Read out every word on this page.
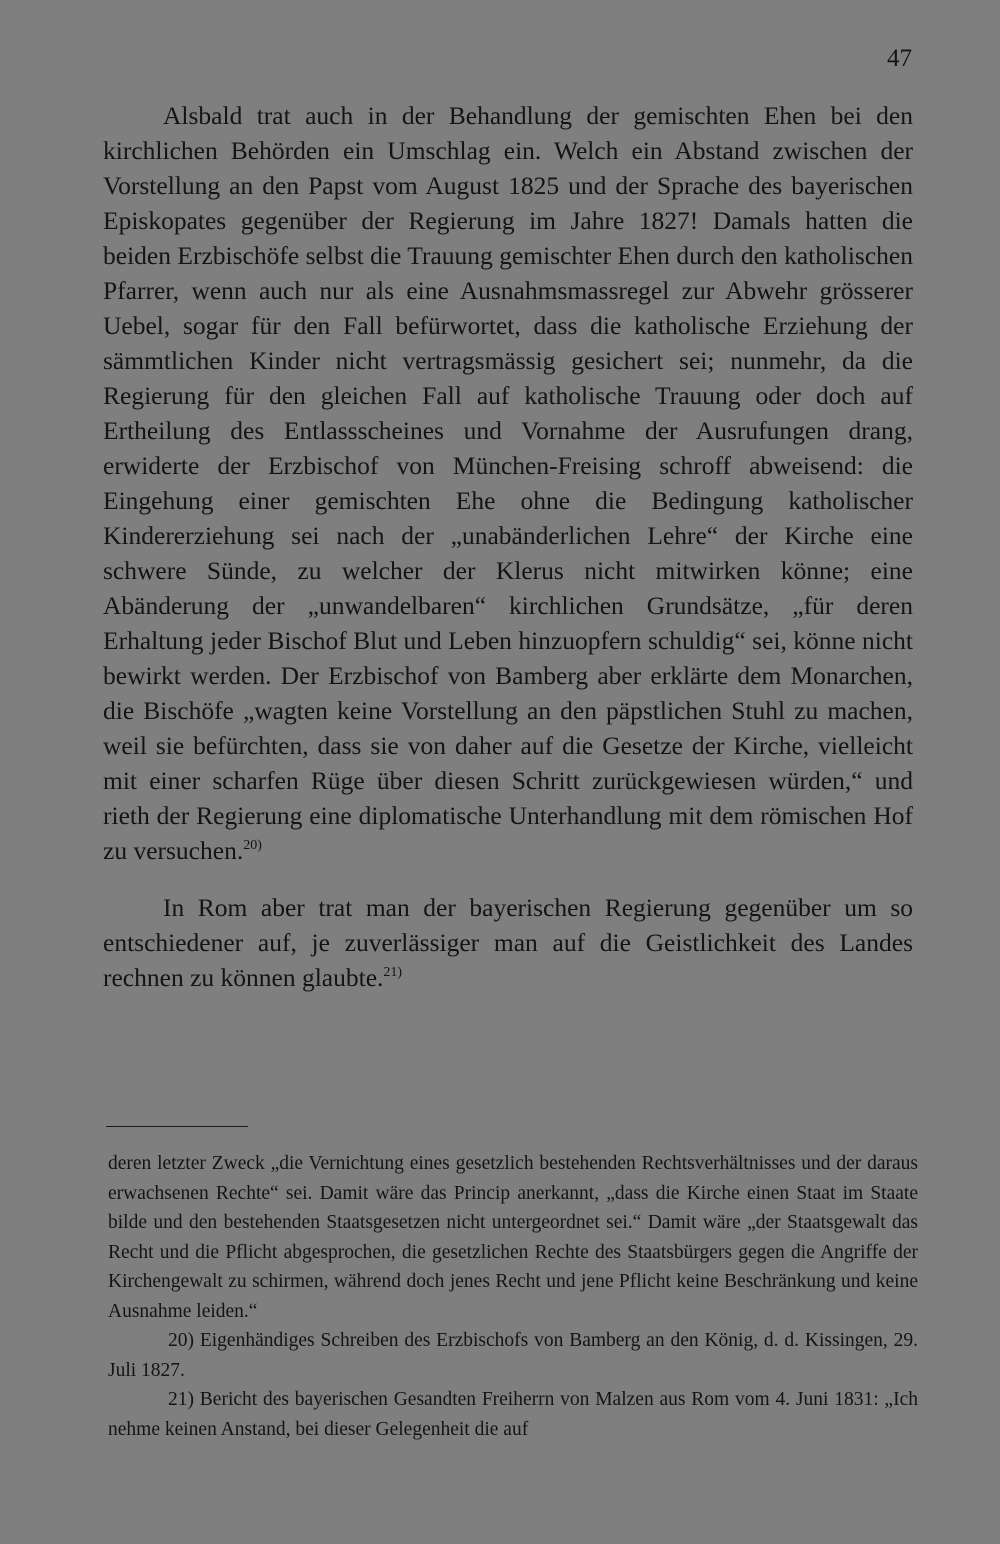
47

Alsbald trat auch in der Behandlung der gemischten Ehen bei den kirchlichen Behörden ein Umschlag ein. Welch ein Abstand zwischen der Vorstellung an den Papst vom August 1825 und der Sprache des bayerischen Episkopates gegenüber der Regierung im Jahre 1827! Damals hatten die beiden Erzbischöfe selbst die Trauung gemischter Ehen durch den katholischen Pfarrer, wenn auch nur als eine Ausnahmsmassregel zur Abwehr grösserer Uebel, sogar für den Fall befürwortet, dass die katholische Erziehung der sämmtlichen Kinder nicht vertragsmässig gesichert sei; nunmehr, da die Regierung für den gleichen Fall auf katholische Trauung oder doch auf Ertheilung des Entlassscheines und Vornahme der Ausrufungen drang, erwiderte der Erzbischof von München-Freising schroff abweisend: die Eingehung einer gemischten Ehe ohne die Bedingung katholischer Kindererziehung sei nach der „unabänderlichen Lehre“ der Kirche eine schwere Sünde, zu welcher der Klerus nicht mitwirken könne; eine Abänderung der „unwandelbaren“ kirchlichen Grundsätze, „für deren Erhaltung jeder Bischof Blut und Leben hinzuopfern schuldig“ sei, könne nicht bewirkt werden. Der Erzbischof von Bamberg aber erklärte dem Monarchen, die Bischöfe „wagten keine Vorstellung an den päpstlichen Stuhl zu machen, weil sie befürchten, dass sie von daher auf die Gesetze der Kirche, vielleicht mit einer scharfen Rüge über diesen Schritt zurückgewiesen würden,“ und rieth der Regierung eine diplomatische Unterhandlung mit dem römischen Hof zu versuchen.$^{20)}$

In Rom aber trat man der bayerischen Regierung gegenüber um so entschiedener auf, je zuverlässiger man auf die Geistlichkeit des Landes rechnen zu können glaubte.$^{21)}$

deren letzter Zweck „die Vernichtung eines gesetzlich bestehenden Rechtsverhältnisses und der daraus erwachsenen Rechte“ sei. Damit wäre das Princip anerkannt, „dass die Kirche einen Staat im Staate bilde und den bestehenden Staatsgesetzen nicht untergeordnet sei.“ Damit wäre „der Staatsgewalt das Recht und die Pflicht abgesprochen, die gesetzlichen Rechte des Staatsbürgers gegen die Angriffe der Kirchengewalt zu schirmen, während doch jenes Recht und jene Pflicht keine Beschränkung und keine Ausnahme leiden.“

20) Eigenhändiges Schreiben des Erzbischofs von Bamberg an den König, d. d. Kissingen, 29. Juli 1827.

21) Bericht des bayerischen Gesandten Freiherrn von Malzen aus Rom vom 4. Juni 1831: „Ich nehme keinen Anstand, bei dieser Gelegenheit die auf
